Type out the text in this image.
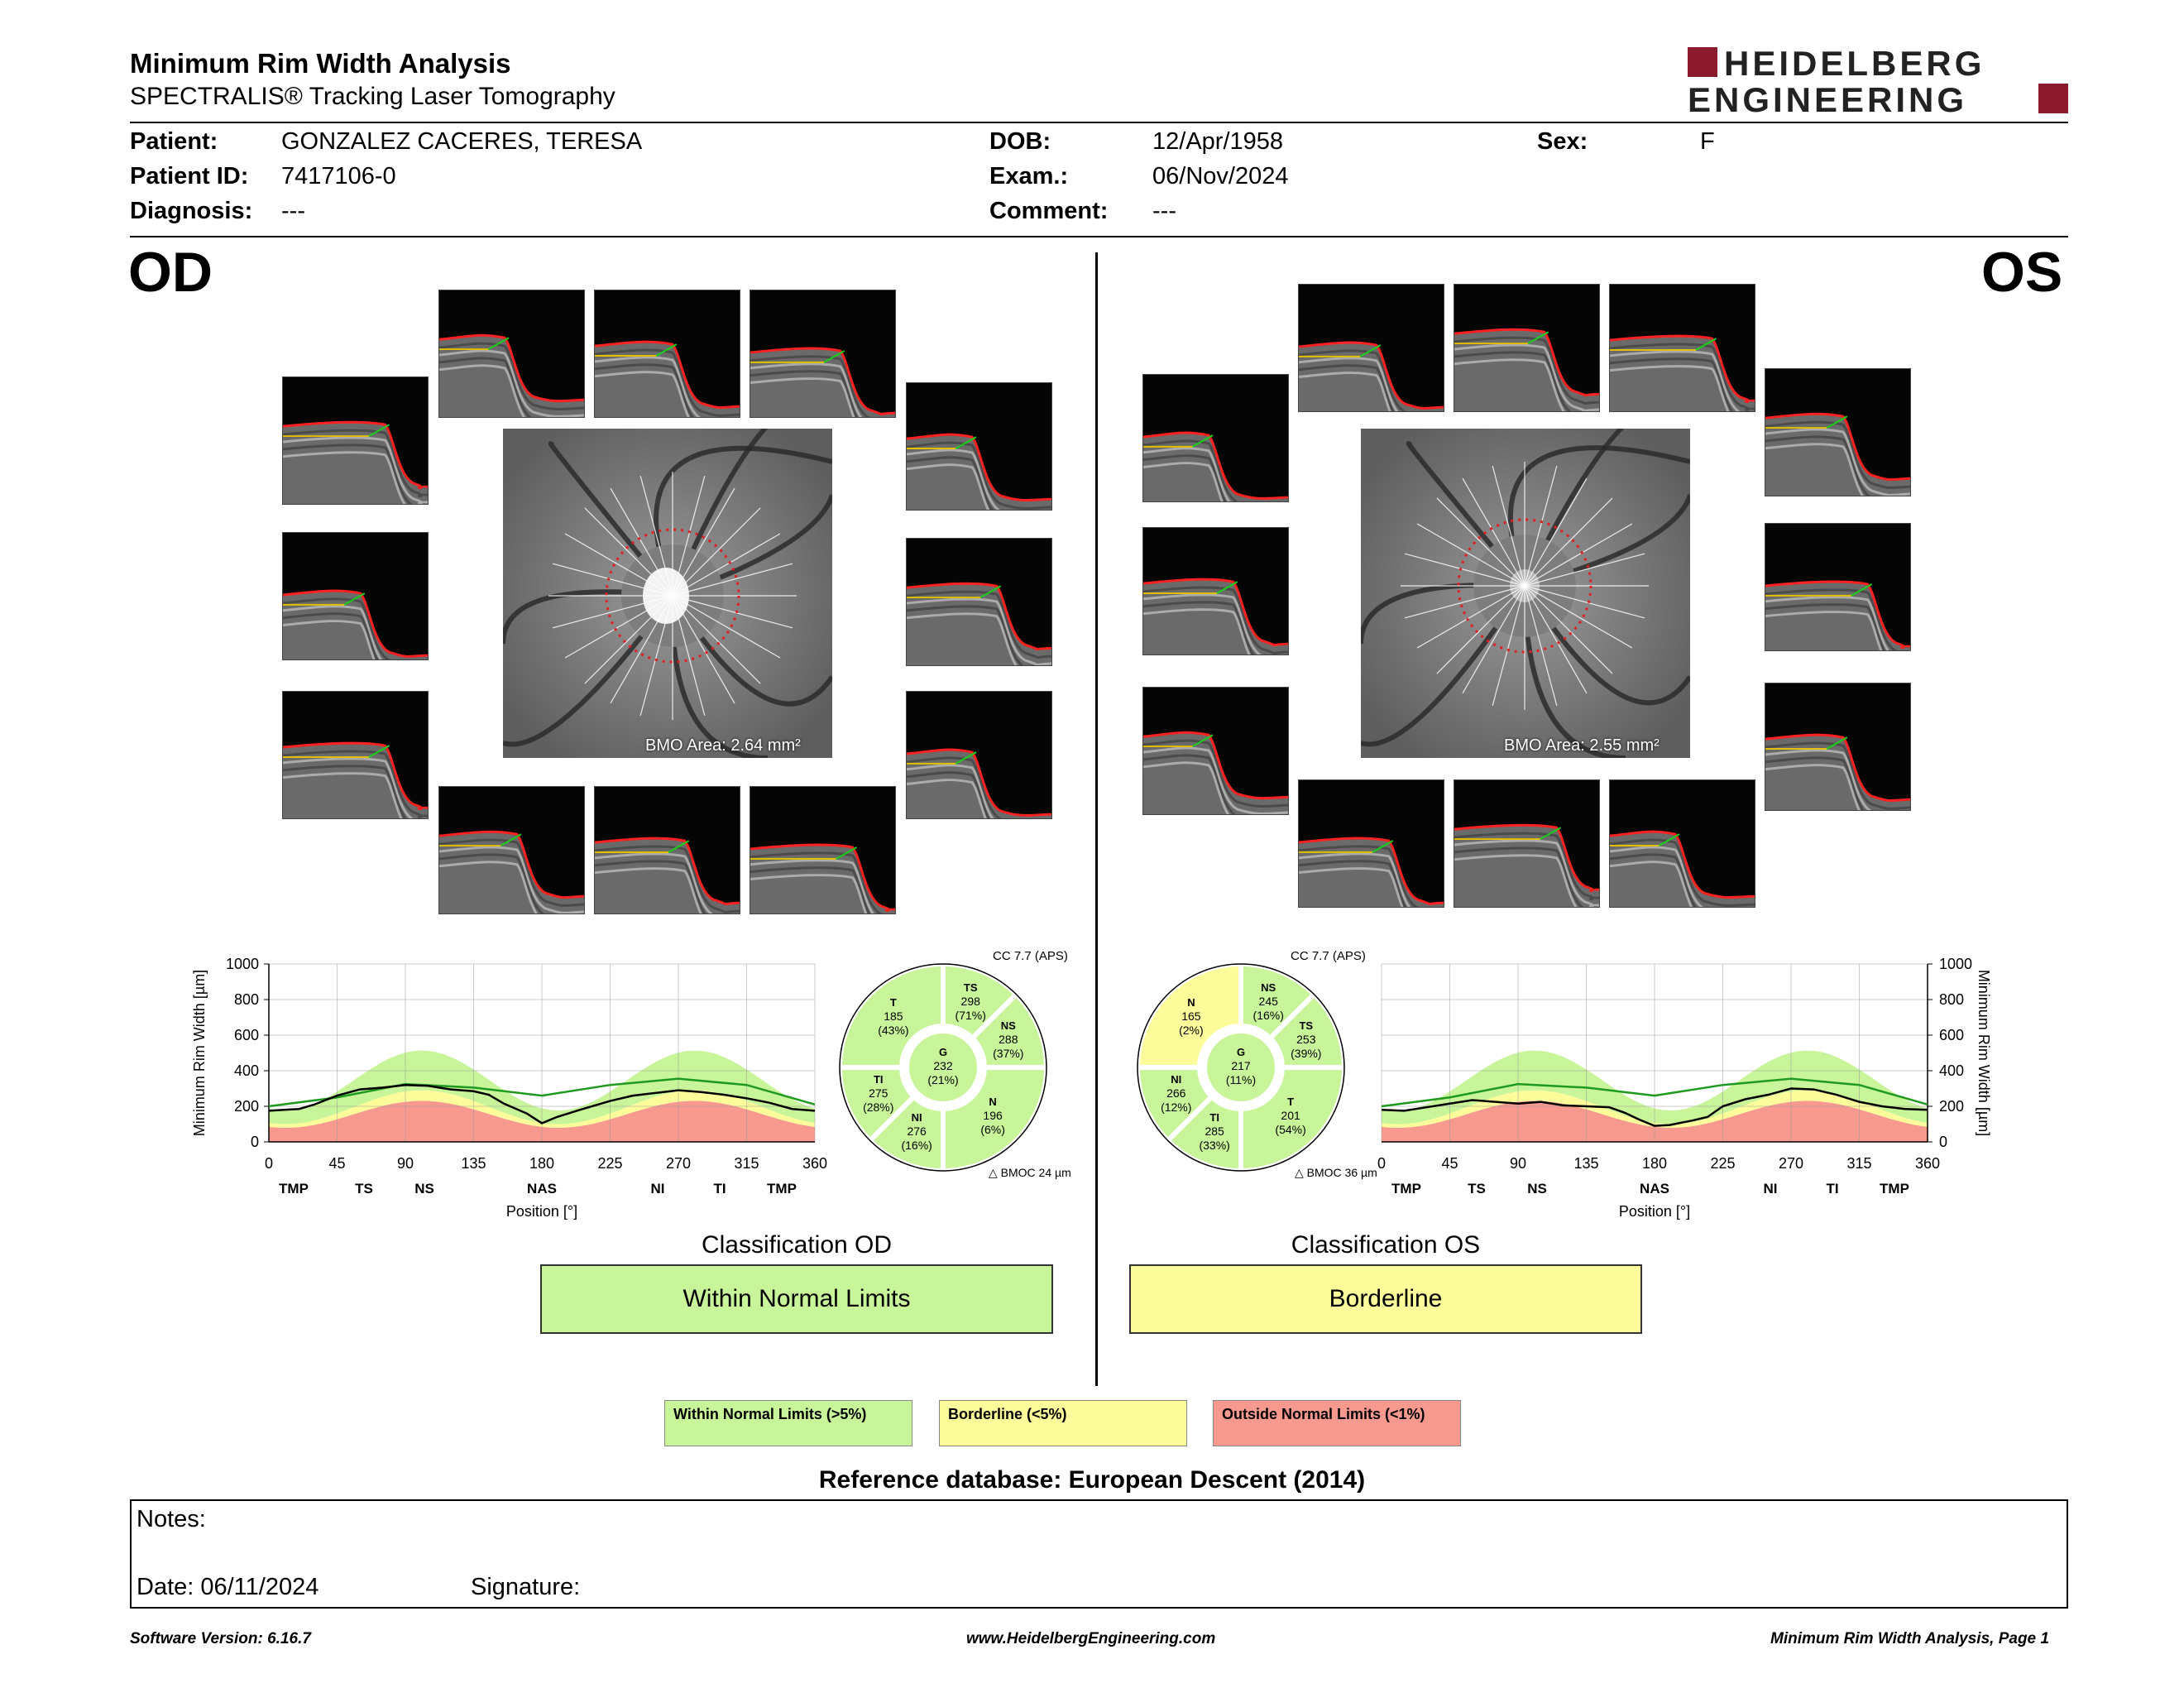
Minimum Rim Width Analysis
SPECTRALIS® Tracking Laser Tomography
HEIDELBERG
ENGINEERING
Patient:	GONZALEZ CACERES, TERESA
Patient ID: 7417106-0
Diagnosis: ---
DOB:	12/Apr/1958
Exam.:	06/Nov/2024
Comment: ---
Sex:	F
OD	OS
BMO Area: 2.64 mm²	BMO Area: 2.55 mm²
0
200
400
600
800
1000
0	45	90	135	180	225	270	315	360
TMP	TS	NS	NAS	NI	TI	TMP
Position [°]
Minimum Rim Width [µm]
0
200
400
600
800
1000
0	45	90	135	180	225	270	315	360
TMP	TS	NS	NAS	NI	TI	TMP
Position [°]
Minimum Rim Width [µm]
CC 7.7 (APS)
TS
298
(71%)
NS
288
(37%)
N
196
(6%)
NI
276
(16%)
TI
275
(28%)
T
185
(43%)
G
232
(21%)
△ BMOC 24 µm
CC 7.7 (APS)
NS
245
(16%)
TS
253
(39%)
T
201
(54%)
TI
285
(33%)
NI
266
(12%)
N
165
(2%)
G
217
(11%)
△ BMOC 36 µm
Classification OD
Within Normal Limits
Classification OS
Borderline
Within Normal Limits (>5%)	Borderline (<5%)	Outside Normal Limits (<1%)
Reference database: European Descent (2014)
Notes:
Date: 06/11/2024	Signature:
Software Version: 6.16.7	www.HeidelbergEngineering.com	Minimum Rim Width Analysis, Page 1
